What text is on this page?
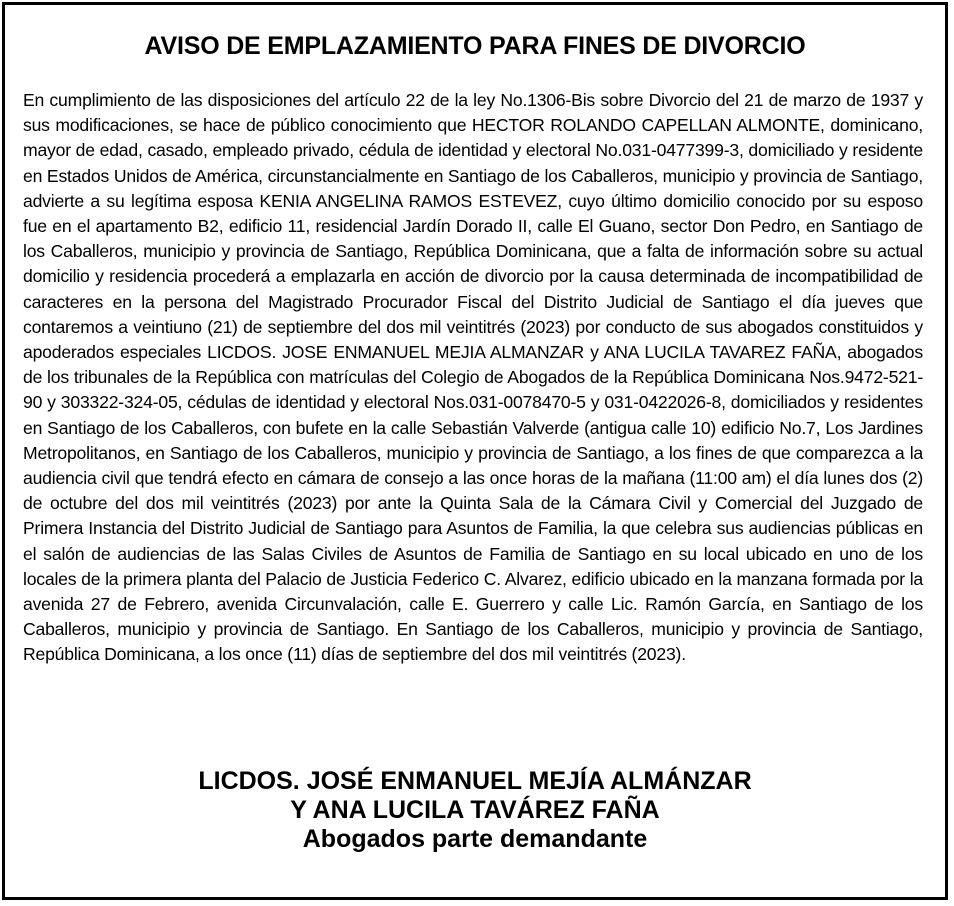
AVISO DE EMPLAZAMIENTO PARA FINES DE DIVORCIO

En cumplimiento de las disposiciones del artículo 22 de la ley No.1306-Bis sobre Divorcio del 21 de marzo de 1937 y sus modificaciones, se hace de público conocimiento que HECTOR ROLANDO CAPELLAN ALMONTE, dominicano, mayor de edad, casado, empleado privado, cédula de identidad y electoral No.031-0477399-3, domiciliado y residente en Estados Unidos de América, circunstancialmente en Santiago de los Caballeros, municipio y provincia de Santiago, advierte a su legítima esposa KENIA ANGELINA RAMOS ESTEVEZ, cuyo último domicilio conocido por su esposo fue en el apartamento B2, edificio 11, residencial Jardín Dorado II, calle El Guano, sector Don Pedro, en Santiago de los Caballeros, municipio y provincia de Santiago, República Dominicana, que a falta de información sobre su actual domicilio y residencia procederá a emplazarla en acción de divorcio por la causa determinada de incompatibilidad de caracteres en la persona del Magistrado Procurador Fiscal del Distrito Judicial de Santiago el día jueves que contaremos a veintiuno (21) de septiembre del dos mil veintitrés (2023) por conducto de sus abogados constituidos y apoderados especiales LICDOS. JOSE ENMANUEL MEJIA ALMANZAR y ANA LUCILA TAVAREZ FAÑA, abogados de los tribunales de la República con matrículas del Colegio de Abogados de la República Dominicana Nos.9472-521-90 y 303322-324-05, cédulas de identidad y electoral Nos.031-0078470-5 y 031-0422026-8, domiciliados y residentes en Santiago de los Caballeros, con bufete en la calle Sebastián Valverde (antigua calle 10) edificio No.7, Los Jardines Metropolitanos, en Santiago de los Caballeros, municipio y provincia de Santiago, a los fines de que comparezca a la audiencia civil que tendrá efecto en cámara de consejo a las once horas de la mañana (11:00 am) el día lunes dos (2) de octubre del dos mil veintitrés (2023) por ante la Quinta Sala de la Cámara Civil y Comercial del Juzgado de Primera Instancia del Distrito Judicial de Santiago para Asuntos de Familia, la que celebra sus audiencias públicas en el salón de audiencias de las Salas Civiles de Asuntos de Familia de Santiago en su local ubicado en uno de los locales de la primera planta del Palacio de Justicia Federico C. Alvarez, edificio ubicado en la manzana formada por la avenida 27 de Febrero, avenida Circunvalación, calle E. Guerrero y calle Lic. Ramón García, en Santiago de los Caballeros, municipio y provincia de Santiago. En Santiago de los Caballeros, municipio y provincia de Santiago, República Dominicana, a los once (11) días de septiembre del dos mil veintitrés (2023).

LICDOS. JOSÉ ENMANUEL MEJÍA ALMÁNZAR
Y ANA LUCILA TAVÁREZ FAÑA
Abogados parte demandante
